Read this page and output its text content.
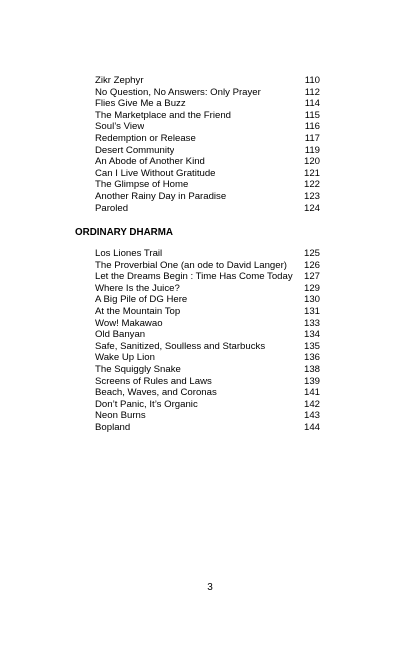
Zikr Zephyr	110
No Question, No Answers: Only Prayer	112
Flies Give Me a Buzz	114
The Marketplace and the Friend	115
Soul’s View	116
Redemption or Release	117
Desert Community	119
An Abode of Another Kind	120
Can I Live Without Gratitude	121
The Glimpse of Home	122
Another Rainy Day in Paradise	123
Paroled	124
ORDINARY DHARMA
Los Liones Trail	125
The Proverbial One (an ode to David Langer) 126
Let the Dreams Begin : Time Has Come Today 127
Where Is the Juice?	129
A Big Pile of DG Here	130
At the Mountain Top	131
Wow! Makawao	133
Old Banyan	134
Safe, Sanitized, Soulless and Starbucks	135
Wake Up Lion	136
The Squiggly Snake	138
Screens of Rules and Laws	139
Beach, Waves, and Coronas	141
Don’t Panic, It’s Organic	142
Neon Burns	143
Bopland	144
3
